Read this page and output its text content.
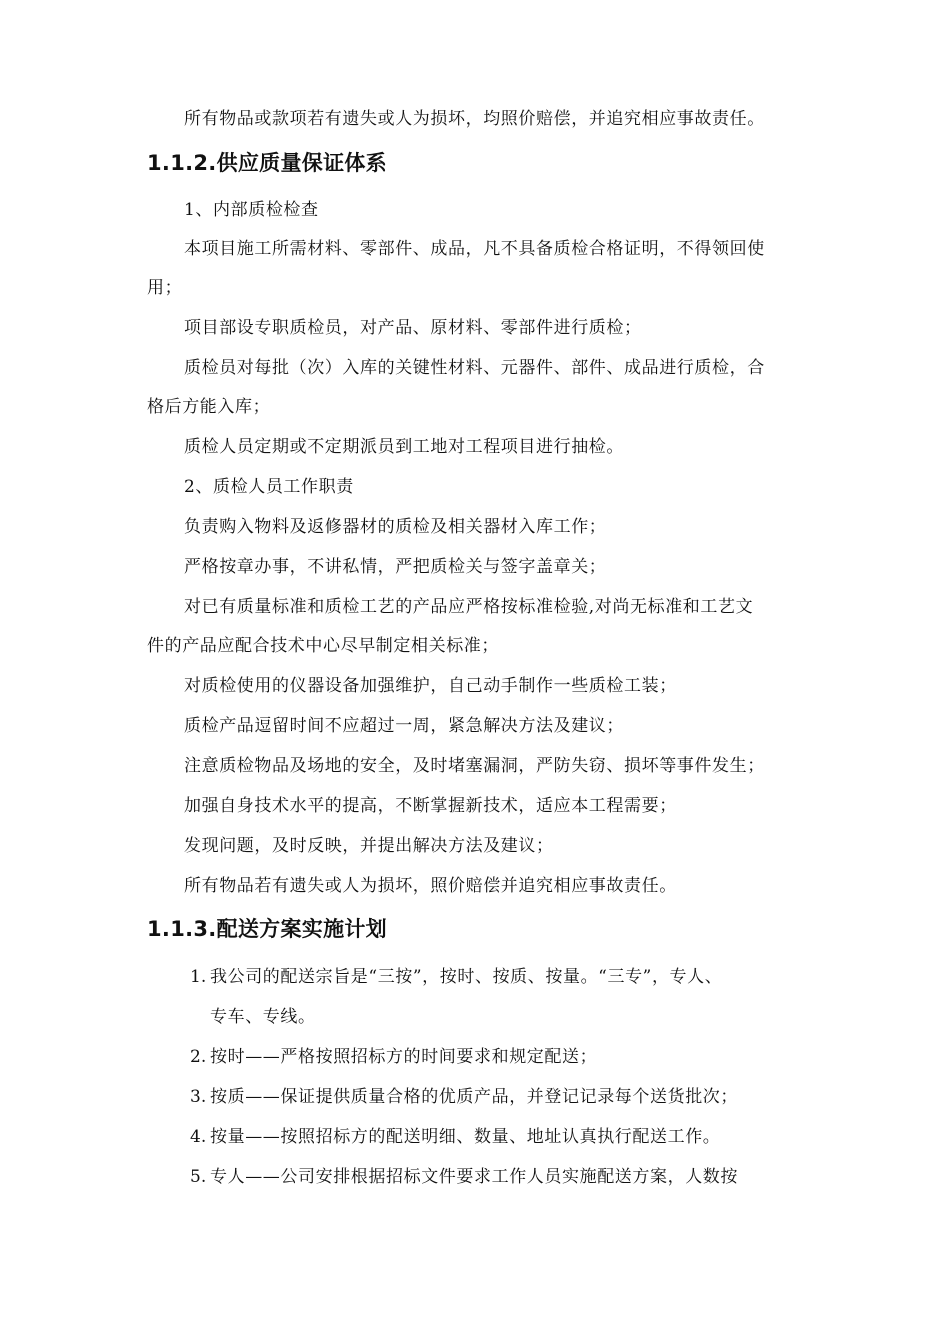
所有物品或款项若有遗失或人为损坏，均照价赔偿，并追究相应事故责任。
1.1.2.供应质量保证体系
1、内部质检检查
本项目施工所需材料、零部件、成品，凡不具备质检合格证明，不得领回使
用；
项目部设专职质检员，对产品、原材料、零部件进行质检；
质检员对每批（次）入库的关键性材料、元器件、部件、成品进行质检，合
格后方能入库；
质检人员定期或不定期派员到工地对工程项目进行抽检。
2、质检人员工作职责
负责购入物料及返修器材的质检及相关器材入库工作；
严格按章办事，不讲私情，严把质检关与签字盖章关；
对已有质量标准和质检工艺的产品应严格按标准检验,对尚无标准和工艺文
件的产品应配合技术中心尽早制定相关标准；
对质检使用的仪器设备加强维护，自己动手制作一些质检工装；
质检产品逗留时间不应超过一周，紧急解决方法及建议；
注意质检物品及场地的安全，及时堵塞漏洞，严防失窃、损坏等事件发生；
加强自身技术水平的提高，不断掌握新技术，适应本工程需要；
发现问题，及时反映，并提出解决方法及建议；
所有物品若有遗失或人为损坏，照价赔偿并追究相应事故责任。
1.1.3.配送方案实施计划
1. 我公司的配送宗旨是“三按”，按时、按质、按量。“三专”，专人、
专车、专线。
2. 按时——严格按照招标方的时间要求和规定配送；
3. 按质——保证提供质量合格的优质产品，并登记记录每个送货批次；
4. 按量——按照招标方的配送明细、数量、地址认真执行配送工作。
5. 专人——公司安排根据招标文件要求工作人员实施配送方案，人数按
